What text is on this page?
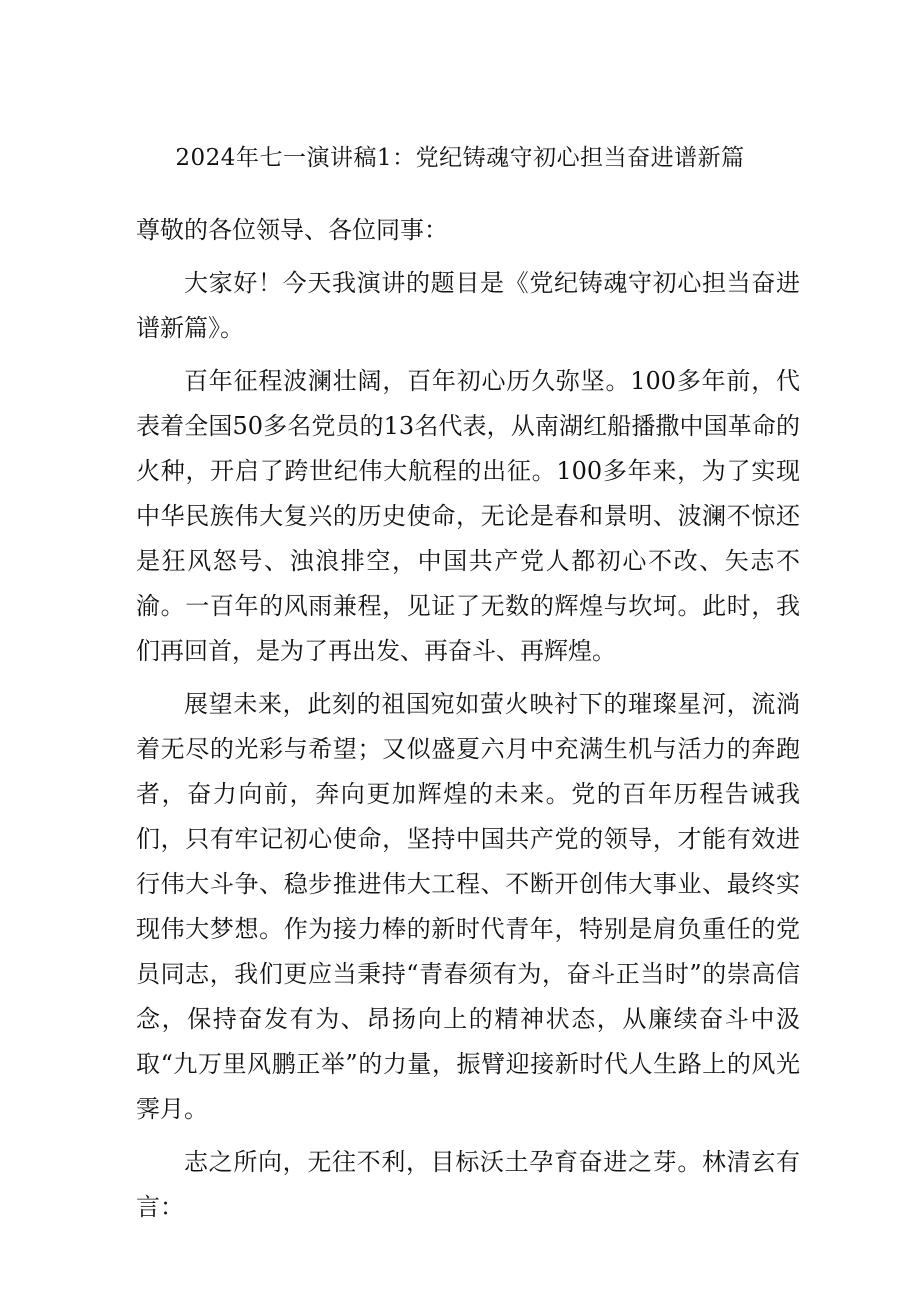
2024年七一演讲稿1：党纪铸魂守初心担当奋进谱新篇

尊敬的各位领导、各位同事：

大家好！今天我演讲的题目是《党纪铸魂守初心担当奋进谱新篇》。

百年征程波澜壮阔，百年初心历久弥坚。100多年前，代表着全国50多名党员的13名代表，从南湖红船播撒中国革命的火种，开启了跨世纪伟大航程的出征。100多年来，为了实现中华民族伟大复兴的历史使命，无论是春和景明、波澜不惊还是狂风怒号、浊浪排空，中国共产党人都初心不改、矢志不渝。一百年的风雨兼程，见证了无数的辉煌与坎坷。此时，我们再回首，是为了再出发、再奋斗、再辉煌。

展望未来，此刻的祖国宛如萤火映衬下的璀璨星河，流淌着无尽的光彩与希望；又似盛夏六月中充满生机与活力的奔跑者，奋力向前，奔向更加辉煌的未来。党的百年历程告诫我们，只有牢记初心使命，坚持中国共产党的领导，才能有效进行伟大斗争、稳步推进伟大工程、不断开创伟大事业、最终实现伟大梦想。作为接力棒的新时代青年，特别是肩负重任的党员同志，我们更应当秉持“青春须有为，奋斗正当时”的崇高信念，保持奋发有为、昂扬向上的精神状态，从廉续奋斗中汲取“九万里风鹏正举”的力量，振臂迎接新时代人生路上的风光霁月。

志之所向，无往不利，目标沃土孕育奋进之芽。林清玄有言：
